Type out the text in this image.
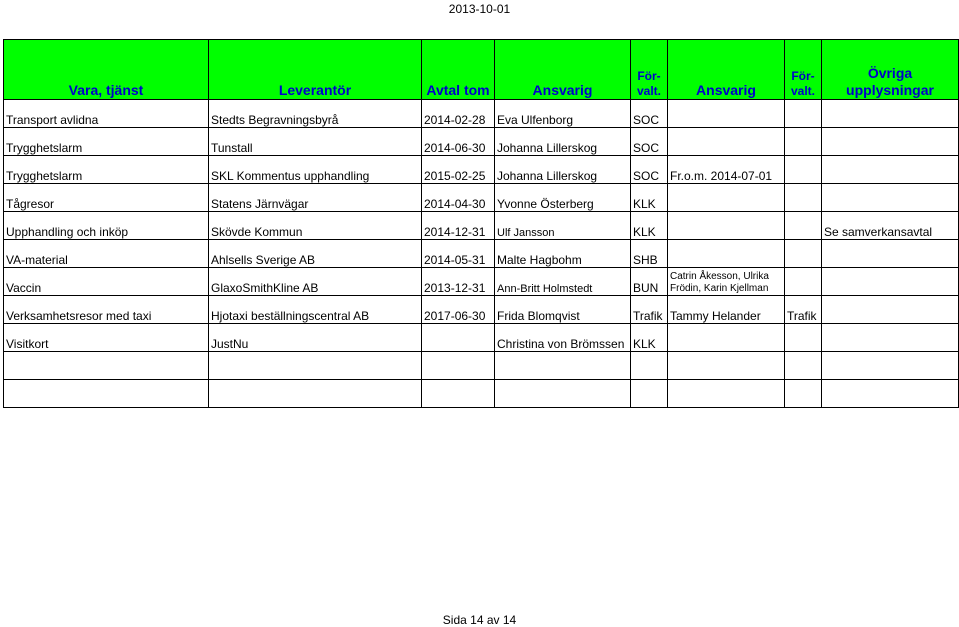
2013-10-01
Vara, tjänst	Leverantör	Avtal tom	Ansvarig	För-valt.	Ansvarig	För-valt.	Övriga upplysningar
Transport avlidna	Stedts Begravningsbyrå	2014-02-28	Eva Ulfenborg	SOC			
Trygghetslarm	Tunstall	2014-06-30	Johanna Lillerskog	SOC			
Trygghetslarm	SKL Kommentus upphandling	2015-02-25	Johanna Lillerskog	SOC	Fr.o.m. 2014-07-01		
Tågresor	Statens Järnvägar	2014-04-30	Yvonne Österberg	KLK			
Upphandling och inköp	Skövde Kommun	2014-12-31	Ulf Jansson	KLK			Se samverkansavtal
VA-material	Ahlsells Sverige AB	2014-05-31	Malte Hagbohm	SHB			
Vaccin	GlaxoSmithKline AB	2013-12-31	Ann-Britt Holmstedt	BUN	Catrin Åkesson, Ulrika Frödin, Karin Kjellman		
Verksamhetsresor med taxi	Hjotaxi beställningscentral AB	2017-06-30	Frida Blomqvist	Trafik	Tammy Helander	Trafik	
Visitkort	JustNu		Christina von Brömssen	KLK			

Sida 14 av 14
